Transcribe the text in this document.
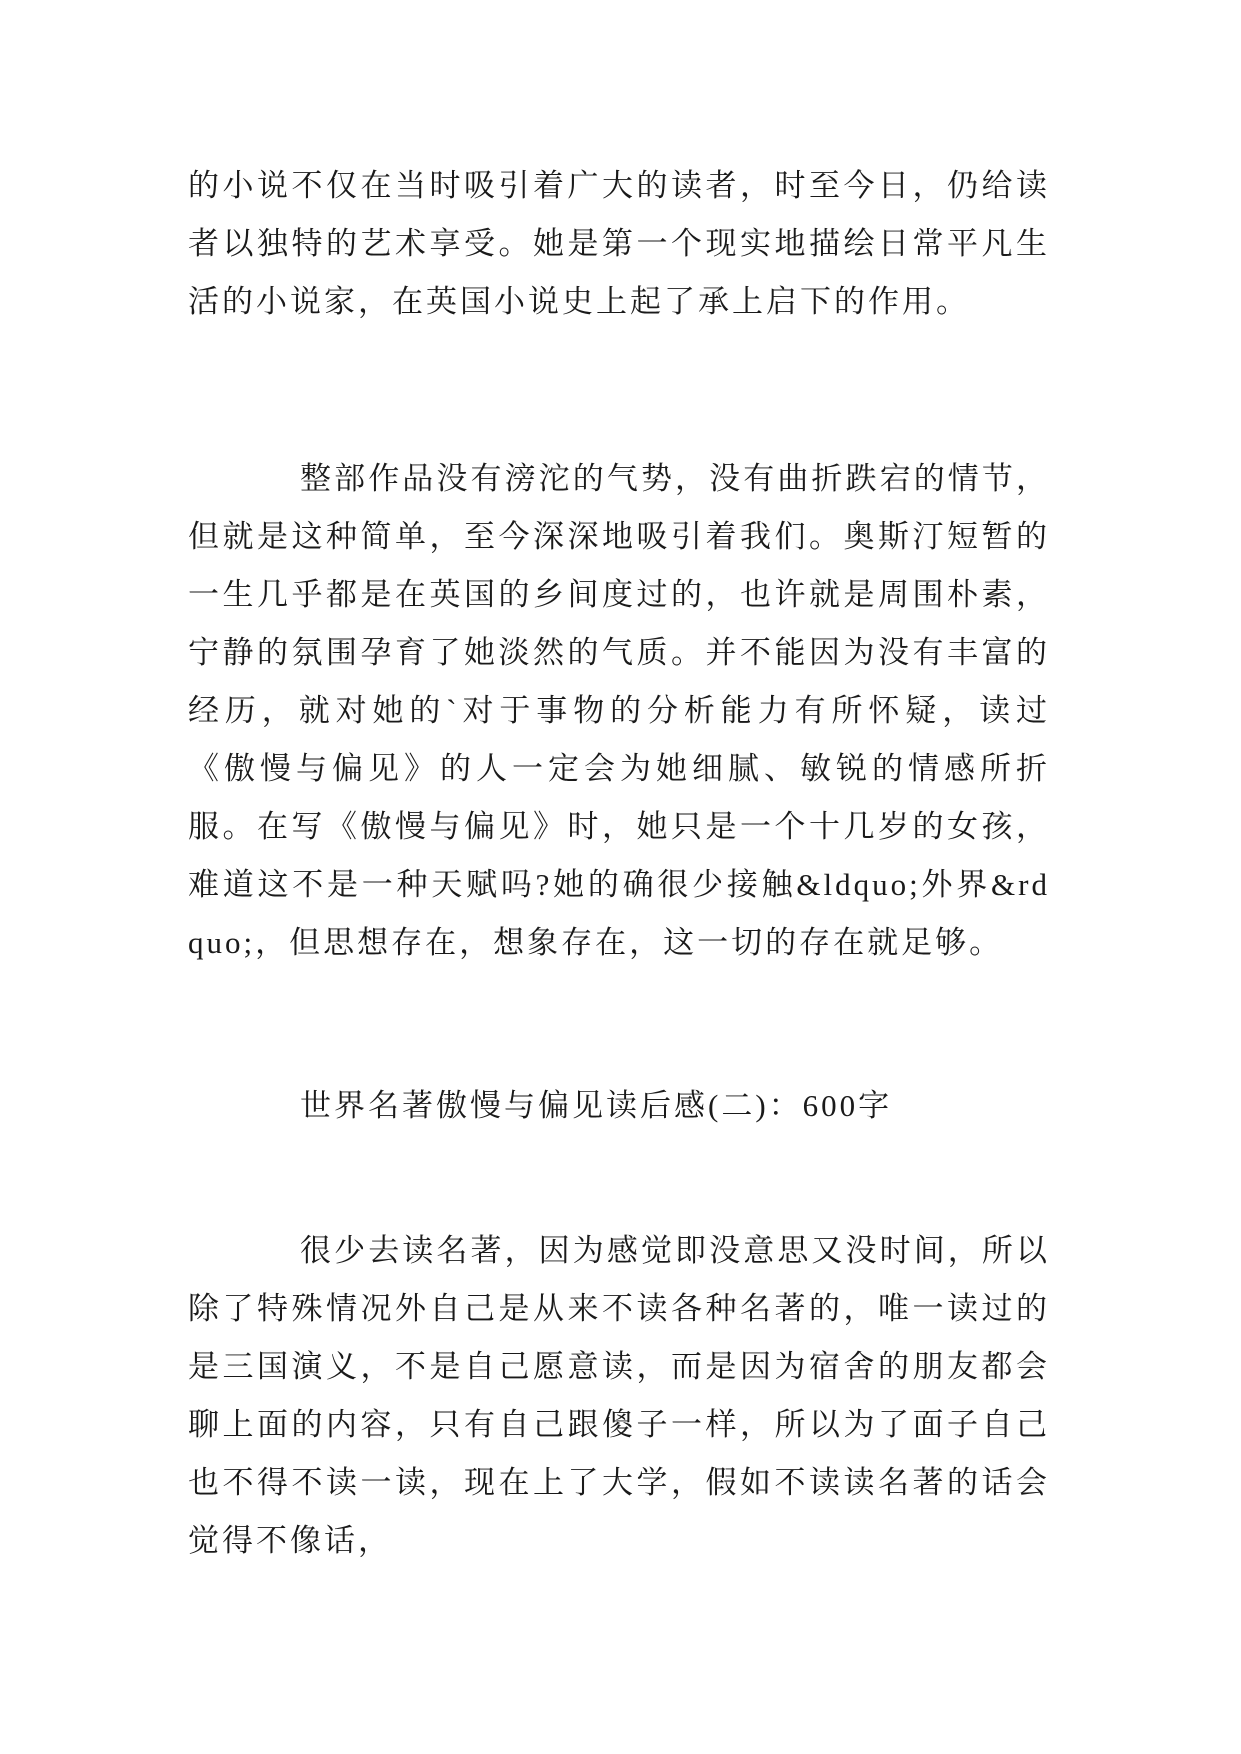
的小说不仅在当时吸引着广大的读者，时至今日，仍给读者以独特的艺术享受。她是第一个现实地描绘日常平凡生活的小说家，在英国小说史上起了承上启下的作用。

整部作品没有滂沱的气势，没有曲折跌宕的情节，但就是这种简单，至今深深地吸引着我们。奥斯汀短暂的一生几乎都是在英国的乡间度过的，也许就是周围朴素，宁静的氛围孕育了她淡然的气质。并不能因为没有丰富的经历，就对她的`对于事物的分析能力有所怀疑，读过《傲慢与偏见》的人一定会为她细腻、敏锐的情感所折服。在写《傲慢与偏见》时，她只是一个十几岁的女孩，难道这不是一种天赋吗?她的确很少接触&ldquo;外界&rdquo;，但思想存在，想象存在，这一切的存在就足够。

世界名著傲慢与偏见读后感(二)：600字

很少去读名著，因为感觉即没意思又没时间，所以除了特殊情况外自己是从来不读各种名著的，唯一读过的是三国演义，不是自己愿意读，而是因为宿舍的朋友都会聊上面的内容，只有自己跟傻子一样，所以为了面子自己也不得不读一读，现在上了大学，假如不读读名著的话会觉得不像话，
